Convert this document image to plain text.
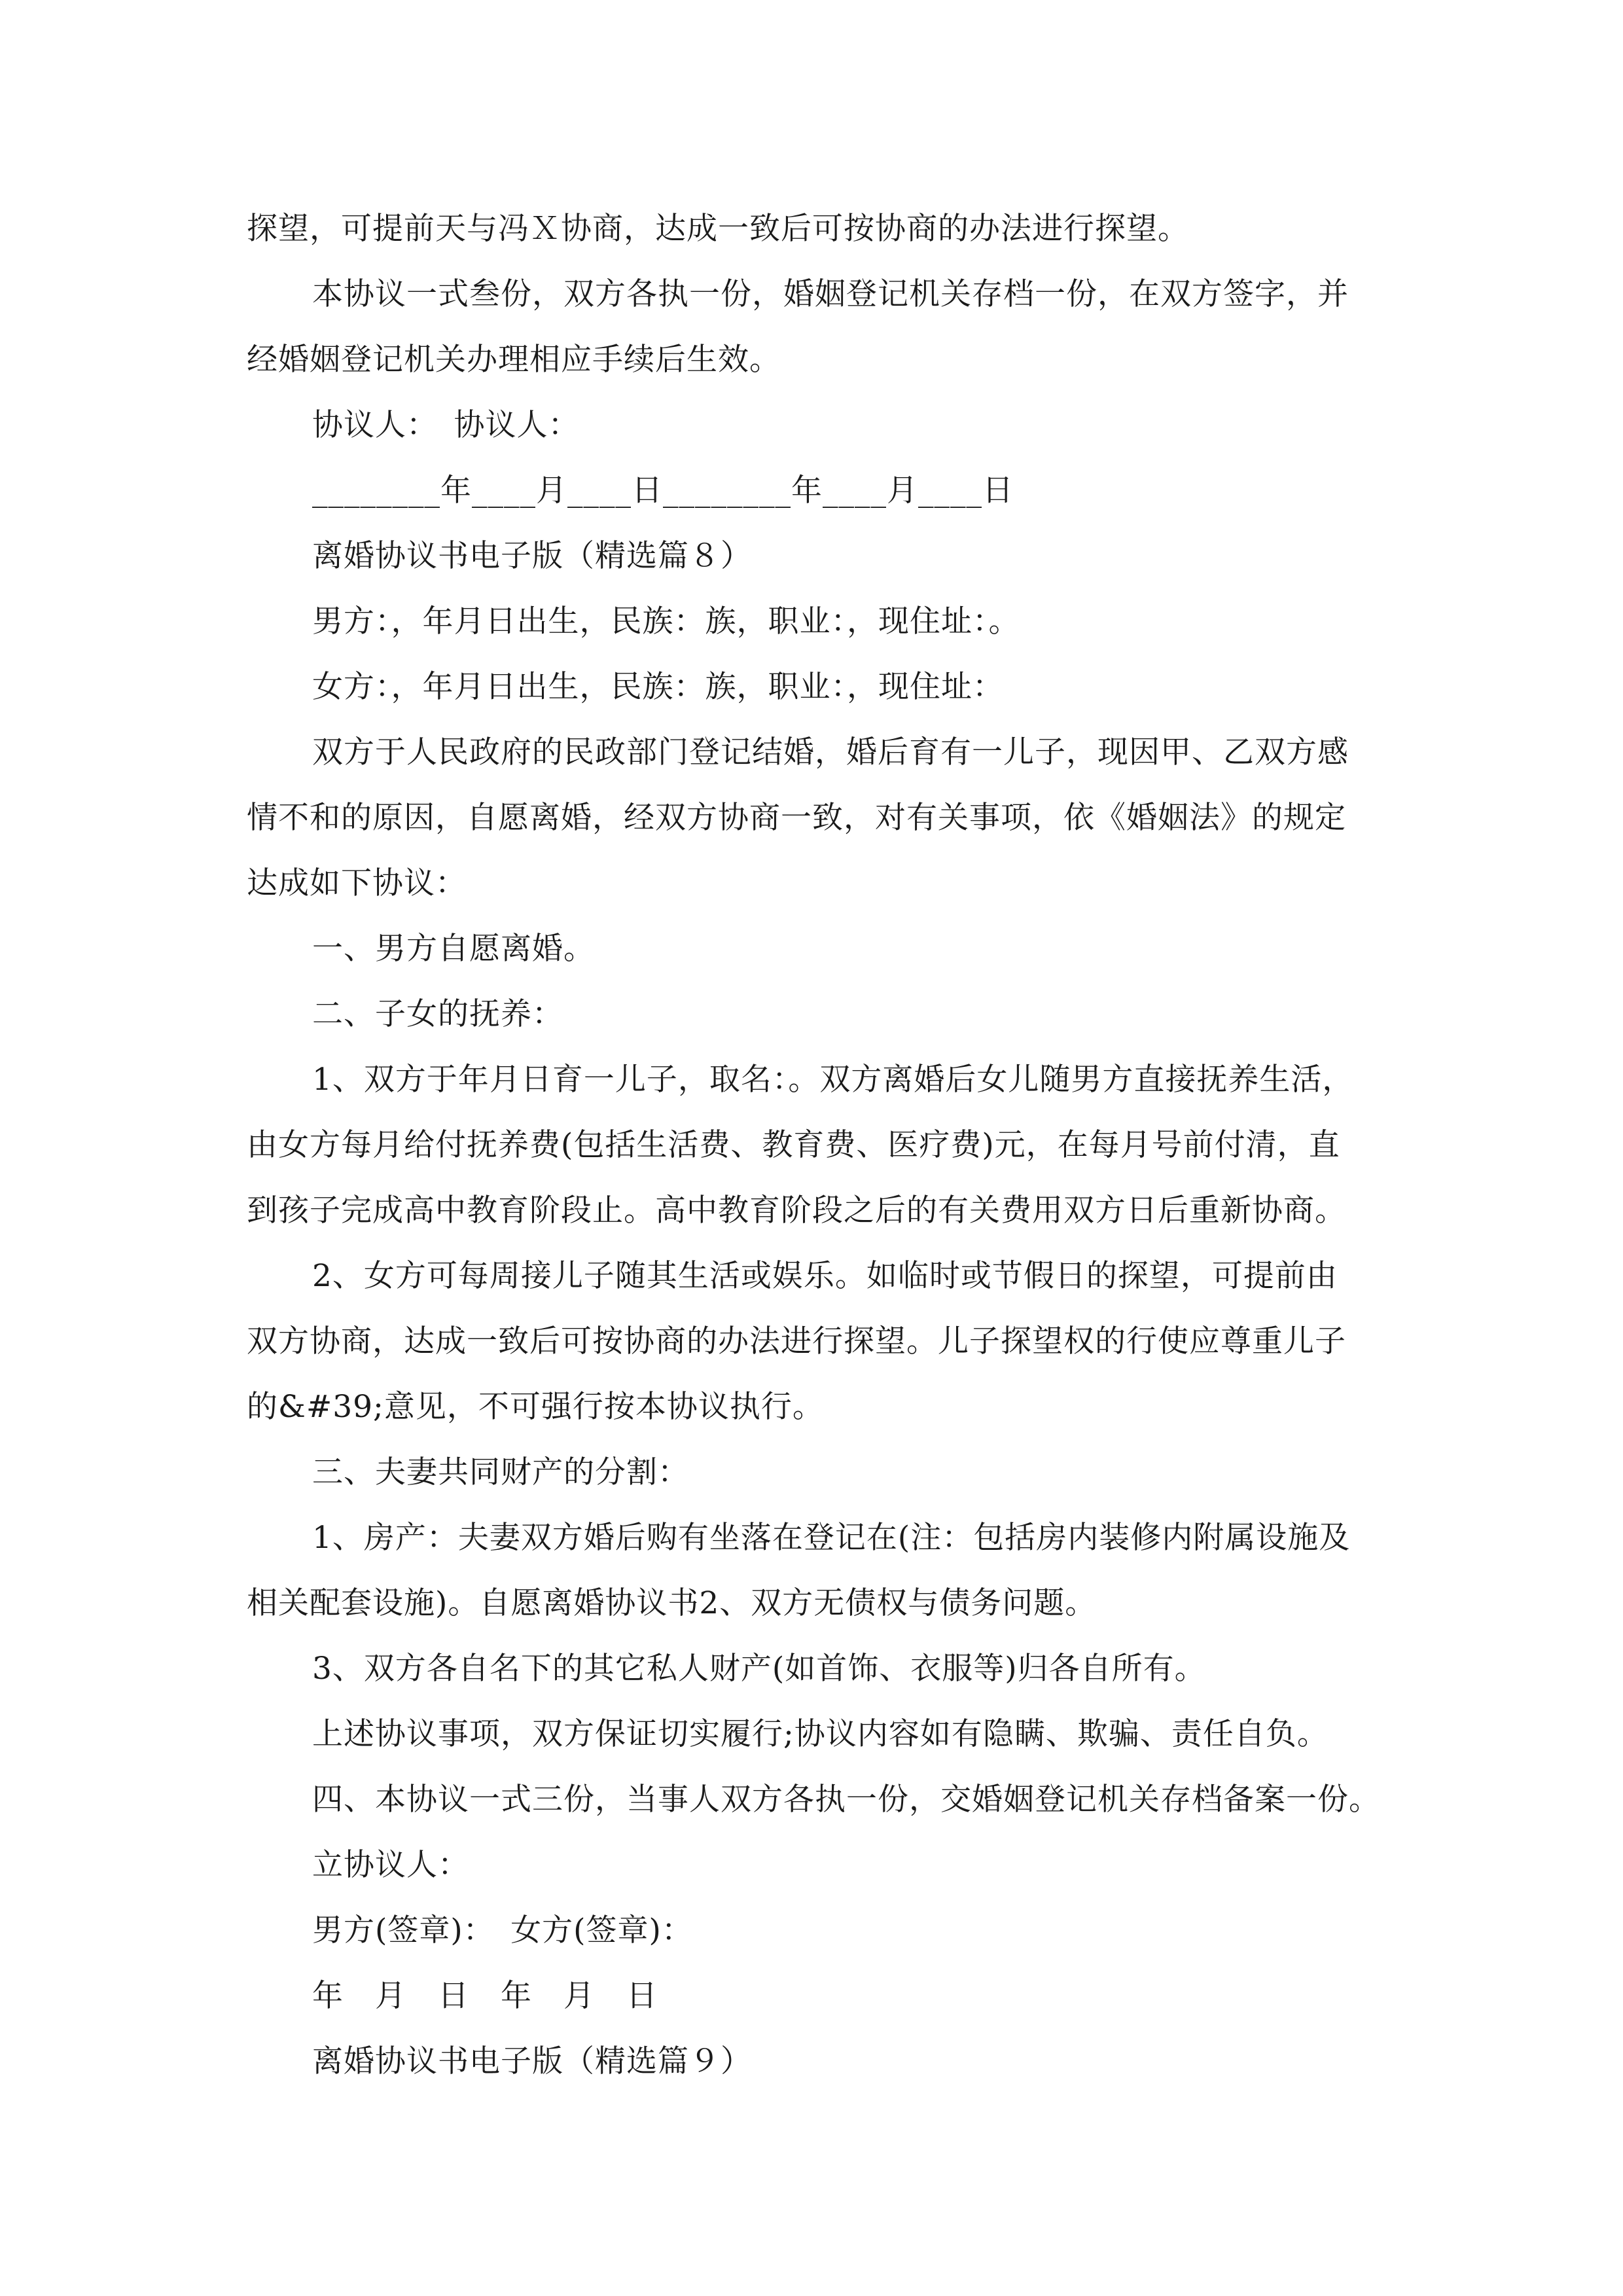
探望，可提前天与冯Ｘ协商，达成一致后可按协商的办法进行探望。
本协议一式叁份，双方各执一份，婚姻登记机关存档一份，在双方签字，并
经婚姻登记机关办理相应手续后生效。
协议人：　协议人：
________年____月____日________年____月____日
离婚协议书电子版（精选篇８）
男方：，年月日出生，民族：族，职业：，现住址：。
女方：，年月日出生，民族：族，职业：，现住址：
双方于人民政府的民政部门登记结婚，婚后育有一儿子，现因甲、乙双方感
情不和的原因，自愿离婚，经双方协商一致，对有关事项，依《婚姻法》的规定
达成如下协议：
一、男方自愿离婚。
二、子女的抚养：
1、双方于年月日育一儿子，取名：。双方离婚后女儿随男方直接抚养生活，
由女方每月给付抚养费(包括生活费、教育费、医疗费)元，在每月号前付清，直
到孩子完成高中教育阶段止。高中教育阶段之后的有关费用双方日后重新协商。
2、女方可每周接儿子随其生活或娱乐。如临时或节假日的探望，可提前由
双方协商，达成一致后可按协商的办法进行探望。儿子探望权的行使应尊重儿子
的&#39;意见，不可强行按本协议执行。
三、夫妻共同财产的分割：
1、房产：夫妻双方婚后购有坐落在登记在(注：包括房内装修内附属设施及
相关配套设施)。自愿离婚协议书2、双方无债权与债务问题。
3、双方各自名下的其它私人财产(如首饰、衣服等)归各自所有。
上述协议事项，双方保证切实履行;协议内容如有隐瞒、欺骗、责任自负。
四、本协议一式三份，当事人双方各执一份，交婚姻登记机关存档备案一份。
立协议人：
男方(签章)：　女方(签章)：
年　月　日　年　月　日
离婚协议书电子版（精选篇９）
